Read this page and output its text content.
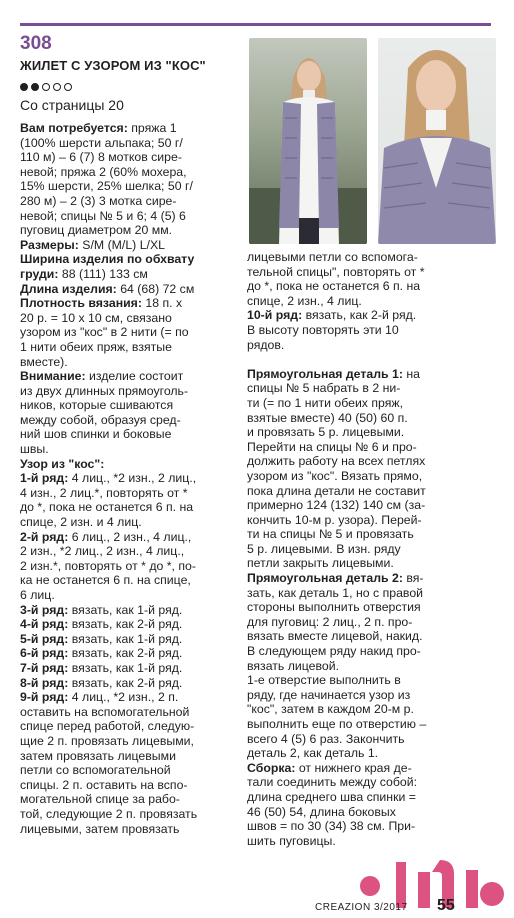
308
ЖИЛЕТ С УЗОРОМ ИЗ "КОС"
Со страницы 20

Вам потребуется: пряжа 1

(100% шерсти альпака; 50 г/

110 м) – 6 (7) 8 мотков сире-

невой; пряжа 2 (60% мохера,

15% шерсти, 25% шелка; 50 г/

280 м) – 2 (3) 3 мотка сире-

невой; спицы № 5 и 6; 4 (5) 6

пуговиц диаметром 20 мм.

Размеры: S/M (M/L) L/XL

Ширина изделия по обхвату

груди: 88 (111) 133 см

Длина изделия: 64 (68) 72 см

Плотность вязания: 18 п. х

20 р. = 10 х 10 см, связано

узором из "кос" в 2 нити (= по

1 нити обеих пряж, взятые

вместе).

Внимание: изделие состоит

из двух длинных прямоуголь-

ников, которые сшиваются

между собой, образуя сред-

ний шов спинки и боковые

швы.

Узор из "кос":

1-й ряд: 4 лиц., *2 изн., 2 лиц.,

4 изн., 2 лиц.*, повторять от *

до *, пока не останется 6 п. на

спице, 2 изн. и 4 лиц.

2-й ряд: 6 лиц., 2 изн., 4 лиц.,

2 изн., *2 лиц., 2 изн., 4 лиц.,

2 изн.*, повторять от * до *, по-

ка не останется 6 п. на спице,

6 лиц.

3-й ряд: вязать, как 1-й ряд.

4-й ряд: вязать, как 2-й ряд.

5-й ряд: вязать, как 1-й ряд.

6-й ряд: вязать, как 2-й ряд.

7-й ряд: вязать, как 1-й ряд.

8-й ряд: вязать, как 2-й ряд.

9-й ряд: 4 лиц., *2 изн., 2 п.

оставить на вспомогательной

спице перед работой, следую-

щие 2 п. провязать лицевыми,

затем провязать лицевыми

петли со вспомогательной

спицы. 2 п. оставить на вспо-

могательной спице за рабо-

той, следующие 2 п. провязать

лицевыми, затем провязать

лицевыми петли со вспомога-

тельной спицы", повторять от *

до *, пока не останется 6 п. на

спице, 2 изн., 4 лиц.

10-й ряд: вязать, как 2-й ряд.

В высоту повторять эти 10

рядов.

Прямоугольная деталь 1: на

спицы № 5 набрать в 2 ни-

ти (= по 1 нити обеих пряж,

взятые вместе) 40 (50) 60 п.

и провязать 5 р. лицевыми.

Перейти на спицы № 6 и про-

должить работу на всех петлях

узором из "кос". Вязать прямо,

пока длина детали не составит

примерно 124 (132) 140 см (за-

кончить 10-м р. узора). Перей-

ти на спицы № 5 и провязать

5 р. лицевыми. В изн. ряду

петли закрыть лицевыми.

Прямоугольная деталь 2: вя-

зать, как деталь 1, но с правой

стороны выполнить отверстия

для пуговиц: 2 лиц., 2 п. про-

вязать вместе лицевой, накид.

В следующем ряду накид про-

вязать лицевой.

1-е отверстие выполнить в

ряду, где начинается узор из

"кос", затем в каждом 20-м р.

выполнить еще по отверстию –

всего 4 (5) 6 раз. Закончить

деталь 2, как деталь 1.

Сборка: от нижнего края де-

тали соединить между собой:

длина среднего шва спинки =

46 (50) 54, длина боковых

швов = по 30 (34) 38 см. При-

шить пуговицы.

CREAZION 3/2017 55
